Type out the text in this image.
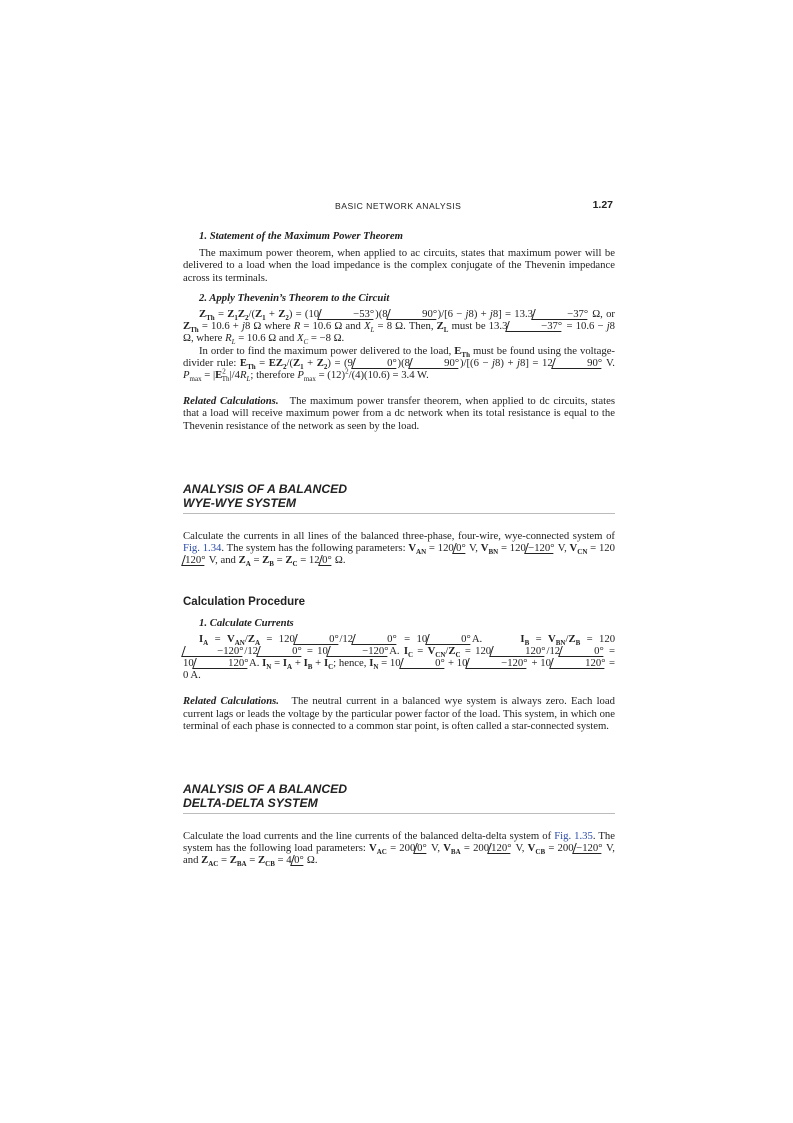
BASIC NETWORK ANALYSIS	1.27
1. Statement of the Maximum Power Theorem

The maximum power theorem, when applied to ac circuits, states that maximum power will be delivered to a load when the load impedance is the complex conjugate of the Thevenin impedance across its terminals.

2. Apply Thevenin’s Theorem to the Circuit

$Z_{Th} = Z_1Z_2/(Z_1 + Z_2) = (10$	−53°)(8	90°)/[6 − j8) + j8] = 13.3	−37° Ω, or $Z_{Th} = 10.6 + j8$ Ω where R = 10.6 Ω and $X_L = 8$ Ω. Then, $Z_L$ must be 13.3	−37° = 10.6 − j8 Ω, where $R_L = 10.6$ Ω and $X_C = -8$ Ω.

In order to find the maximum power delivered to the load, $E_{Th}$ must be found using the voltage-divider rule: $E_{Th} = EZ_2/(Z_1 + Z_2) = (9$	0°)(8	90°)/[(6 − j8) + j8] = 12	90° V. $P_{max} = |E^2_{Th}|/4R_L$; therefore $P_{max} = (12)^2/(4)(10.6) = 3.4$ W.

Related Calculations. The maximum power transfer theorem, when applied to dc circuits, states that a load will receive maximum power from a dc network when its total resistance is equal to the Thevenin resistance of the network as seen by the load.

ANALYSIS OF A BALANCED
WYE-WYE SYSTEM

Calculate the currents in all lines of the balanced three-phase, four-wire, wye-connected system of Fig. 1.34. The system has the following parameters: $V_{AN} = 120$ 0° V, $V_{BN} = 120 -120^\circ$ V, $V_{CN} = 120120^\circ$ V, and $Z_A = Z_B = Z_C = 12$ 0° Ω.

Calculation Procedure
1. Calculate Currents

$I_A = V_{AN}/Z_A = 120$	0°/12	0° = 10	0°A.      $I_B = V_{BN}/Z_B = 120-120^\circ/12$	0° = 10	−120°A. $I_C = V_{CN}/Z_C = 120$	120°/12	0° = 10	120°A. $I_N = I_A + I_B + I_C$; hence, $I_N = 10$	0° + 10	−120° + 10	120° = 0 A.

Related Calculations. The neutral current in a balanced wye system is always zero. Each load current lags or leads the voltage by the particular power factor of the load. This system, in which one terminal of each phase is connected to a common star point, is often called a star-connected system.

ANALYSIS OF A BALANCED
DELTA-DELTA SYSTEM

Calculate the load currents and the line currents of the balanced delta-delta system of Fig. 1.35. The system has the following load parameters: $V_{AC} = 200$ 0° V, $V_{BA} = 200$ 120° V, $V_{CB} = 200 -120^\circ$ V, and $Z_{AC} = Z_{BA} = Z_{CB} = 4$ 0° Ω.
